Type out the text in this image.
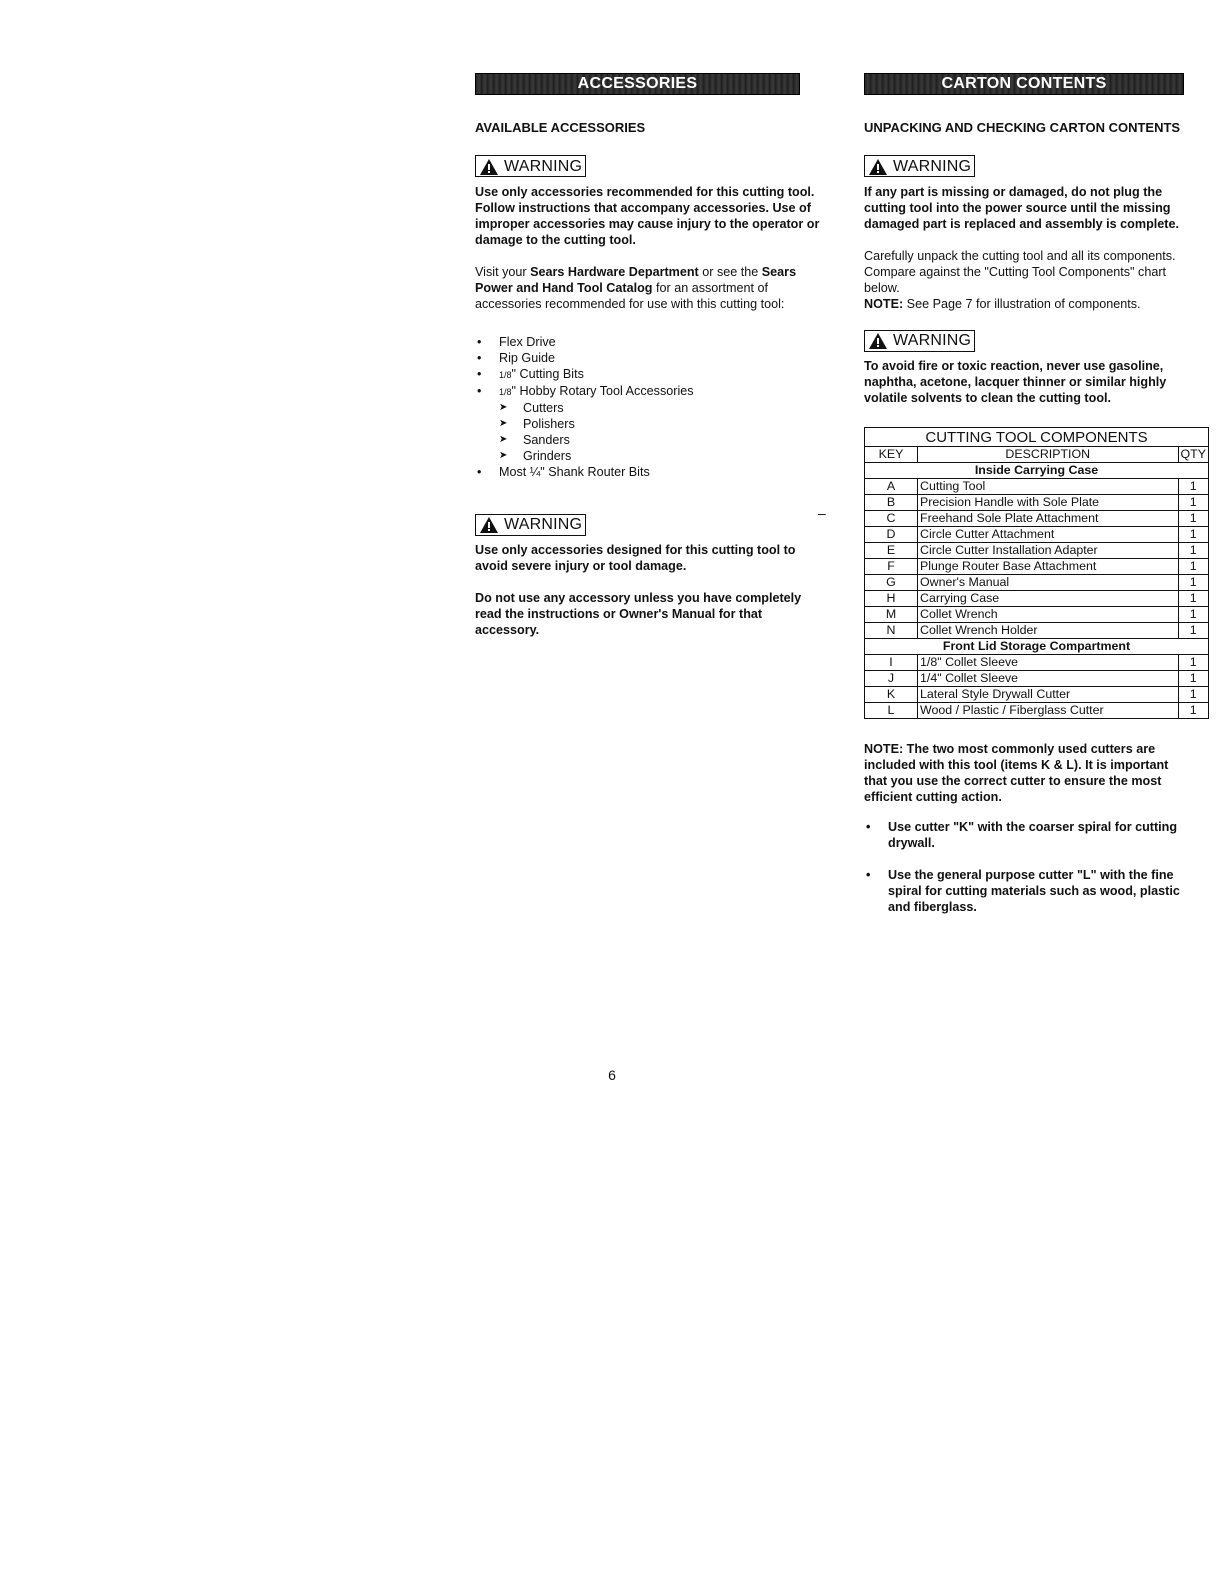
ACCESSORIES
AVAILABLE ACCESSORIES
WARNING

Use only accessories recommended for this cutting tool. Follow instructions that accompany accessories. Use of improper accessories may cause injury to the operator or damage to the cutting tool.

Visit your Sears Hardware Department or see the Sears Power and Hand Tool Catalog for an assortment of accessories recommended for use with this cutting tool:

• Flex Drive
• Rip Guide
• 1/8" Cutting Bits
• 1/8" Hobby Rotary Tool Accessories
➤ Cutters
➤ Polishers
➤ Sanders
➤ Grinders
• Most ¼" Shank Router Bits
WARNING

Use only accessories designed for this cutting tool to avoid severe injury or tool damage.

Do not use any accessory unless you have completely read the instructions or Owner's Manual for that accessory.

–
CARTON CONTENTS
UNPACKING AND CHECKING CARTON CONTENTS
WARNING

If any part is missing or damaged, do not plug the cutting tool into the power source until the missing damaged part is replaced and assembly is complete.

Carefully unpack the cutting tool and all its components. Compare against the "Cutting Tool Components" chart below.

NOTE: See Page 7 for illustration of components.

WARNING

To avoid fire or toxic reaction, never use gasoline, naphtha, acetone, lacquer thinner or similar highly volatile solvents to clean the cutting tool.

CUTTING TOOL COMPONENTS		
KEY	DESCRIPTION	QTY
Inside Carrying Case		
A	Cutting Tool	1
B	Precision Handle with Sole Plate	1
C	Freehand Sole Plate Attachment	1
D	Circle Cutter Attachment	1
E	Circle Cutter Installation Adapter	1
F	Plunge Router Base Attachment	1
G	Owner's Manual	1
H	Carrying Case	1
M	Collet Wrench	1
N	Collet Wrench Holder	1
Front Lid Storage Compartment		
I	1/8" Collet Sleeve	1
J	1/4" Collet Sleeve	1
K	Lateral Style Drywall Cutter	1
L	Wood / Plastic / Fiberglass Cutter	1

NOTE: The two most commonly used cutters are included with this tool (items K & L). It is important that you use the correct cutter to ensure the most efficient cutting action.

• Use cutter "K" with the coarser spiral for cutting drywall.
• Use the general purpose cutter "L" with the fine spiral for cutting materials such as wood, plastic and fiberglass.
6
